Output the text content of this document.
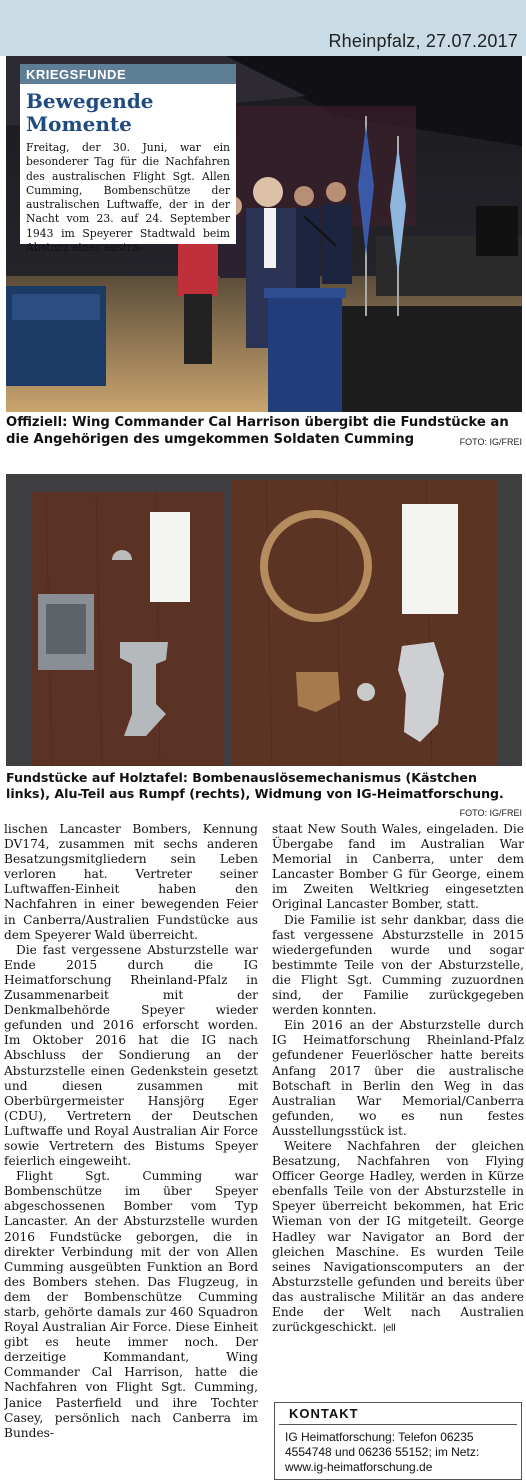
Rheinpfalz, 27.07.2017
KRIEGSFUNDE
Bewegende
Momente
Freitag, der 30. Juni, war ein besonderer Tag für die Nachfahren des australischen Flight Sgt. Allen Cumming, Bombenschütze der australischen Luftwaffe, der in der Nacht vom 23. auf 24. September 1943 im Speyerer Stadtwald beim Absturz eines austra-
Offiziell: Wing Commander Cal Harrison übergibt die Fundstücke an die Angehörigen des umgekommen Soldaten Cumming	FOTO: IG/FREI
Fundstücke auf Holztafel: Bombenauslösemechanismus (Kästchen links), Alu-Teil aus Rumpf (rechts), Widmung von IG-Heimatforschung.
FOTO: IG/FREI

lischen Lancaster Bombers, Kennung DV174, zusammen mit sechs anderen Besatzungsmitgliedern sein Leben verloren hat. Vertreter seiner Luftwaffen-Einheit haben den Nachfahren in einer bewegenden Feier in Canberra/Australien Fundstücke aus dem Speyerer Wald überreicht.

Die fast vergessene Absturzstelle war Ende 2015 durch die IG Heimatforschung Rheinland-Pfalz in Zusammenarbeit mit der Denkmalbehörde Speyer wieder gefunden und 2016 erforscht worden. Im Oktober 2016 hat die IG nach Abschluss der Sondierung an der Absturzstelle einen Gedenkstein gesetzt und diesen zusammen mit Oberbürgermeister Hansjörg Eger (CDU), Vertretern der Deutschen Luftwaffe und Royal Australian Air Force sowie Vertretern des Bistums Speyer feierlich eingeweiht.

Flight Sgt. Cumming war Bombenschütze im über Speyer abgeschossenen Bomber vom Typ Lancaster. An der Absturzstelle wurden 2016 Fundstücke geborgen, die in direkter Verbindung mit der von Allen Cumming ausgeübten Funktion an Bord des Bombers stehen. Das Flugzeug, in dem der Bombenschütze Cumming starb, gehörte damals zur 460 Squadron Royal Australian Air Force. Diese Einheit gibt es heute immer noch. Der derzeitige Kommandant, Wing Commander Cal Harrison, hatte die Nachfahren von Flight Sgt. Cumming, Janice Pasterfield und ihre Tochter Casey, persönlich nach Canberra im Bundes-

staat New South Wales, eingeladen. Die Übergabe fand im Australian War Memorial in Canberra, unter dem Lancaster Bomber G für George, einem im Zweiten Weltkrieg eingesetzten Original Lancaster Bomber, statt.

Die Familie ist sehr dankbar, dass die fast vergessene Absturzstelle in 2015 wiedergefunden wurde und sogar bestimmte Teile von der Absturzstelle, die Flight Sgt. Cumming zuzuordnen sind, der Familie zurückgegeben werden konnten.

Ein 2016 an der Absturzstelle durch IG Heimatforschung Rheinland-Pfalz gefundener Feuerlöscher hatte bereits Anfang 2017 über die australische Botschaft in Berlin den Weg in das Australian War Memorial/Canberra gefunden, wo es nun festes Ausstellungsstück ist.

Weitere Nachfahren der gleichen Besatzung, Nachfahren von Flying Officer George Hadley, werden in Kürze ebenfalls Teile von der Absturzstelle in Speyer überreicht bekommen, hat Eric Wieman von der IG mitgeteilt. George Hadley war Navigator an Bord der gleichen Maschine. Es wurden Teile seines Navigationscomputers an der Absturzstelle gefunden und bereits über das australische Militär an das andere Ende der Welt nach Australien zurückgeschickt. |ell

KONTAKT
IG Heimatforschung: Telefon 06235
4554748 und 06236 55152; im Netz:
www.ig-heimatforschung.de
